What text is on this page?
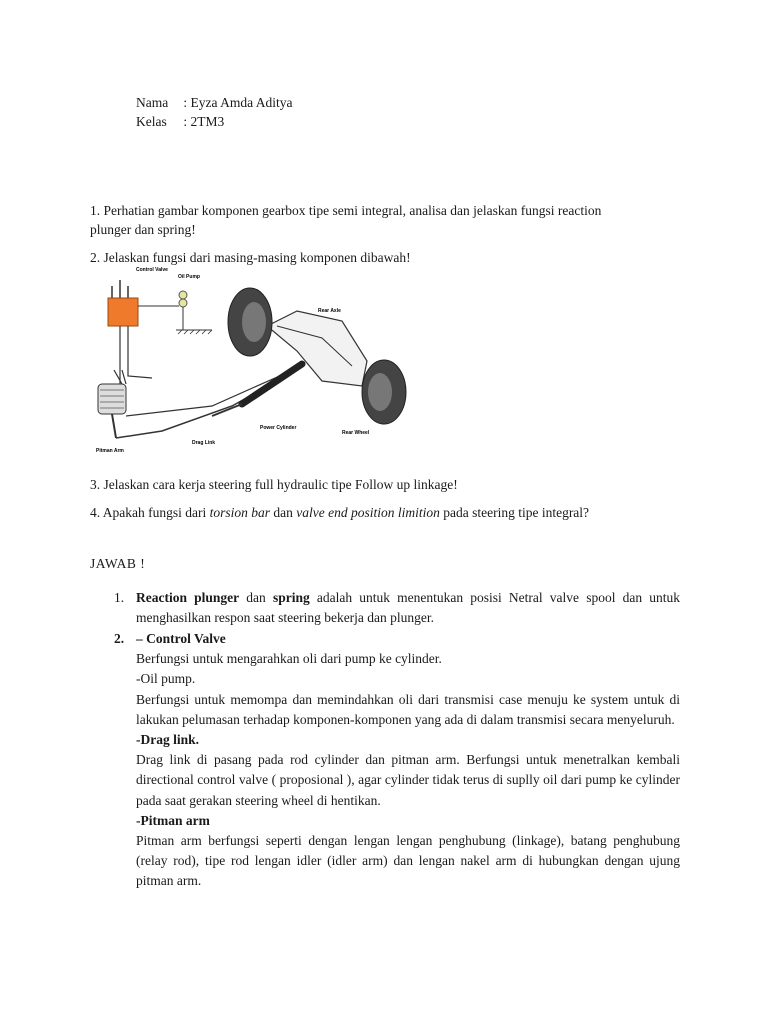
Nama : Eyza Amda Aditya
Kelas : 2TM3
1. Perhatian gambar komponen gearbox tipe semi integral, analisa dan jelaskan fungsi reaction
plunger dan spring!
2. Jelaskan fungsi dari masing-masing komponen dibawah!
Control Valve
Oil Pump
Rear Axle
Power Cylinder
Rear Wheel
Drag Link
Pitman Arm
3. Jelaskan cara kerja steering full hydraulic tipe Follow up linkage!
4. Apakah fungsi dari torsion bar dan valve end position limition pada steering tipe integral?
JAWAB !
1. Reaction plunger dan spring adalah untuk menentukan posisi Netral valve spool dan untuk menghasilkan respon saat steering bekerja dan plunger.
2. – Control Valve

Berfungsi untuk mengarahkan oli dari pump ke cylinder.

-Oil pump.

Berfungsi untuk memompa dan memindahkan oli dari transmisi case menuju ke system untuk di lakukan pelumasan terhadap komponen-komponen yang ada di dalam transmisi secara menyeluruh.

-Drag link.

Drag link di pasang pada rod cylinder dan pitman arm. Berfungsi untuk menetralkan kembali directional control valve ( proposional ), agar cylinder tidak terus di suplly oil dari pump ke cylinder pada saat gerakan steering wheel di hentikan.

-Pitman arm

Pitman arm berfungsi seperti dengan lengan lengan penghubung (linkage), batang penghubung (relay rod), tipe rod lengan idler (idler arm) dan lengan nakel arm di hubungkan dengan ujung pitman arm.
